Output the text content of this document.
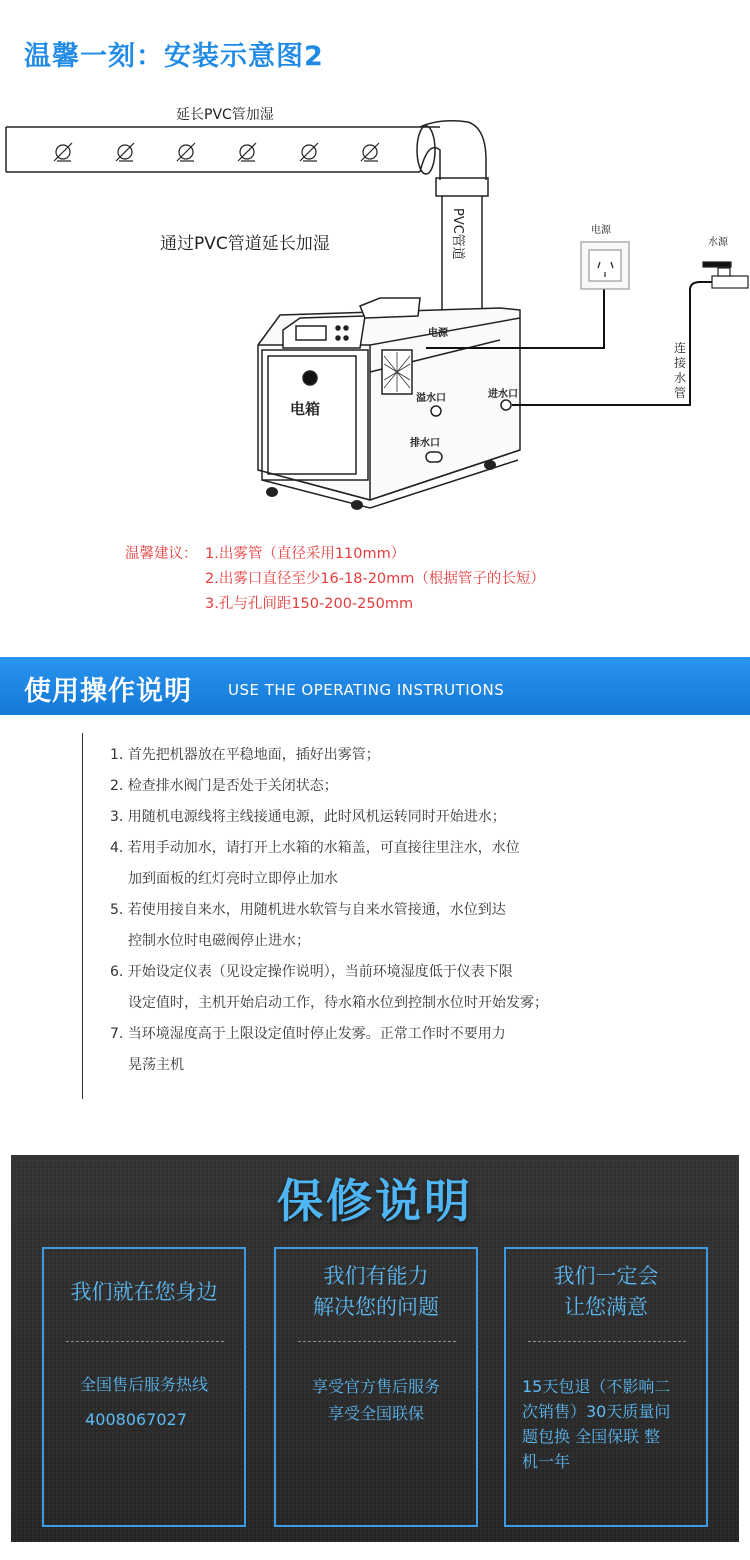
温馨一刻：安装示意图2
延长PVC管加湿
PVC管道
通过PVC管道延长加湿
电箱
电源
溢水口	进水口
排水口
电源
水源
连
接
水
管
温馨建议： 1.出雾管（直径采用110mm）
2.出雾口直径至少16-18-20mm（根据管子的长短）
3.孔与孔间距150-200-250mm
使用操作说明 USE THE OPERATING INSTRUTIONS
1. 首先把机器放在平稳地面，插好出雾管；
2. 检查排水阀门是否处于关闭状态；
3. 用随机电源线将主线接通电源，此时风机运转同时开始进水；
4. 若用手动加水，请打开上水箱的水箱盖，可直接往里注水，水位
加到面板的红灯亮时立即停止加水
5. 若使用接自来水，用随机进水软管与自来水管接通，水位到达
控制水位时电磁阀停止进水；
6. 开始设定仪表（见设定操作说明），当前环境湿度低于仪表下限
设定值时，主机开始启动工作，待水箱水位到控制水位时开始发雾；
7. 当环境湿度高于上限设定值时停止发雾。正常工作时不要用力
晃荡主机
保修说明
我们就在您身边
全国售后服务热线
4008067027
我们有能力
解决您的问题
享受官方售后服务
享受全国联保
我们一定会
让您满意
15天包退（不影响二
次销售）30天质量问
题包换 全国保联 整
机一年
